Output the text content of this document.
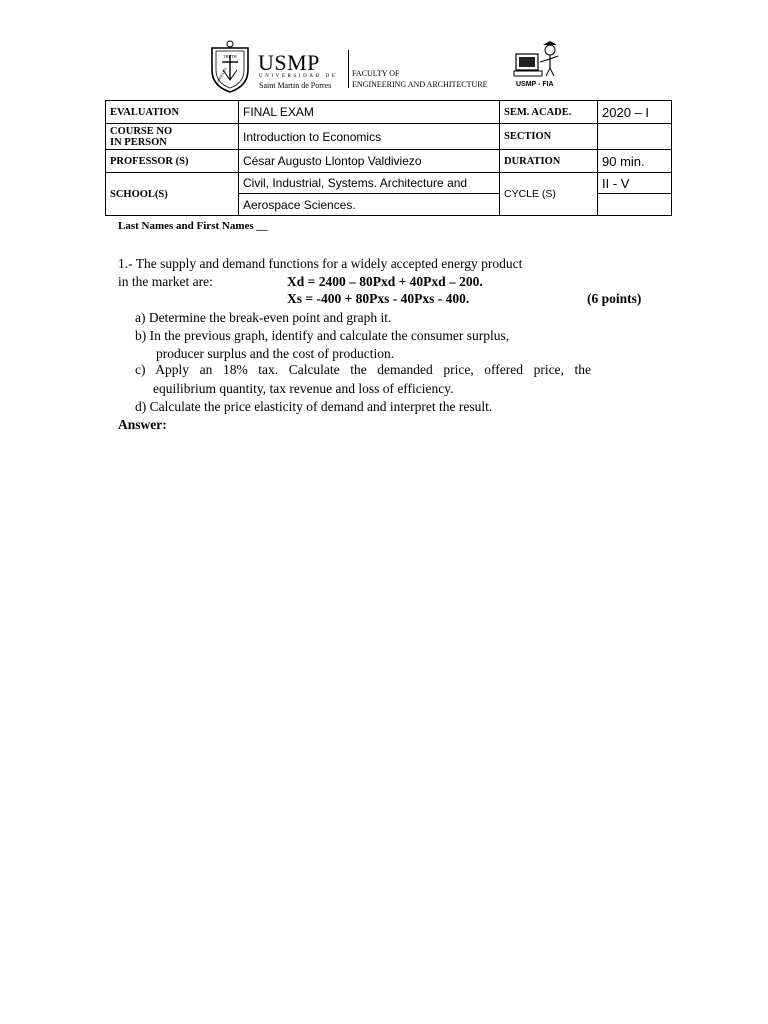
TRUTH
LIBERALIS
USMP
UNIVERSIDAD DE
Saint Martin de Porres
FACULTY OF
ENGINEERING AND ARCHITECTURE	USMP - FIA
EVALUATION	FINAL EXAM	SEM. ACADE.	2020 – I
COURSE NO
IN PERSON	Introduction to Economics	SECTION	
PROFESSOR (S)	César Augusto Llontop Valdiviezo	DURATION	90 min.
SCHOOL(S)	Civil, Industrial, Systems. Architecture and	CYCLE (S)	II - V
	Aerospace Sciences.		
Last Names and First Names __
1.- The supply and demand functions for a widely accepted energy product
in the market are:	Xd = 2400 – 80Pxd + 40Pxd – 200.
Xs = -400 + 80Pxs - 40Pxs - 400.	(6 points)
a) Determine the break-even point and graph it.
b) In the previous graph, identify and calculate the consumer surplus,
producer surplus and the cost of production.
c) Apply an 18% tax. Calculate the demanded price, offered price, the
equilibrium quantity, tax revenue and loss of efficiency.
d) Calculate the price elasticity of demand and interpret the result.
Answer:
